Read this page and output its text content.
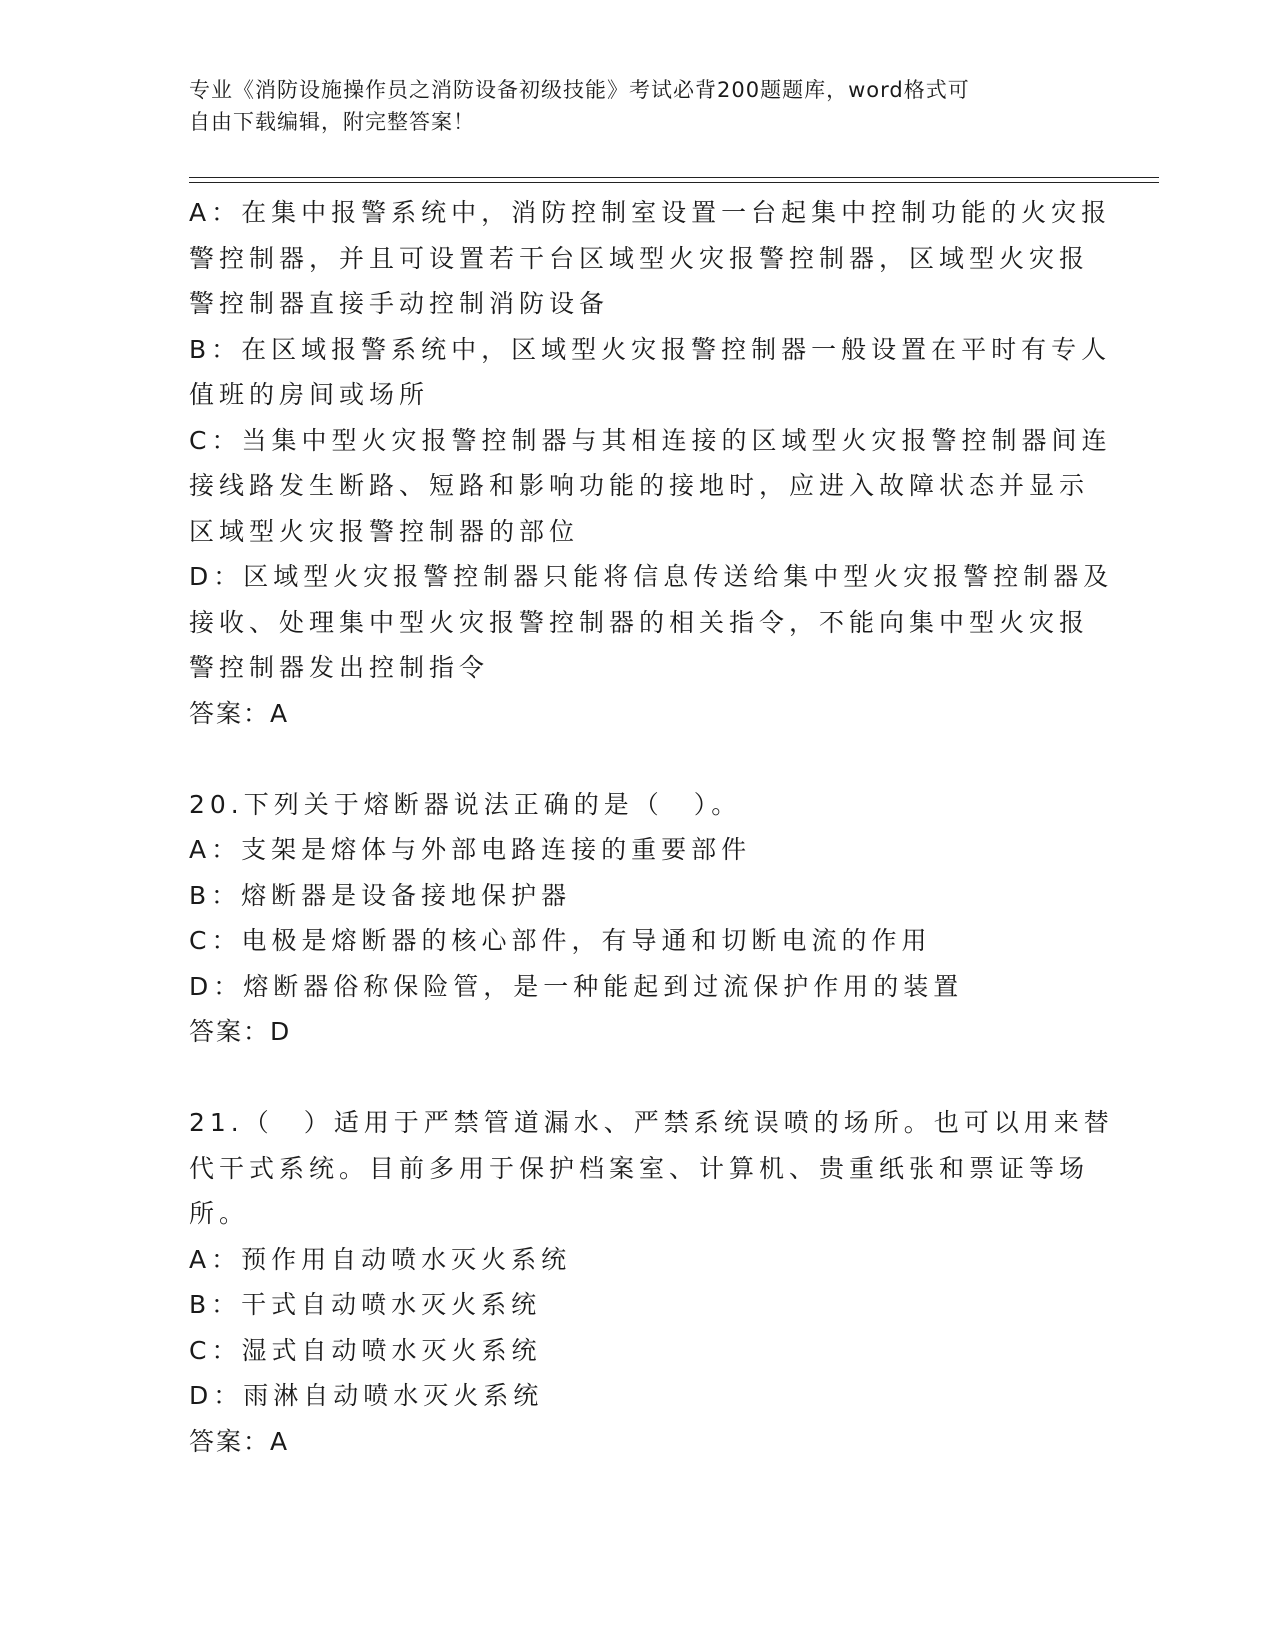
专业《消防设施操作员之消防设备初级技能》考试必背200题题库，word格式可
自由下载编辑，附完整答案！
A：在集中报警系统中，消防控制室设置一台起集中控制功能的火灾报
警控制器，并且可设置若干台区域型火灾报警控制器，区域型火灾报
警控制器直接手动控制消防设备
B：在区域报警系统中，区域型火灾报警控制器一般设置在平时有专人
值班的房间或场所
C：当集中型火灾报警控制器与其相连接的区域型火灾报警控制器间连
接线路发生断路、短路和影响功能的接地时，应进入故障状态并显示
区域型火灾报警控制器的部位
D：区域型火灾报警控制器只能将信息传送给集中型火灾报警控制器及
接收、处理集中型火灾报警控制器的相关指令，不能向集中型火灾报
警控制器发出控制指令
答案：A
20.下列关于熔断器说法正确的是（　）。
A：支架是熔体与外部电路连接的重要部件
B：熔断器是设备接地保护器
C：电极是熔断器的核心部件，有导通和切断电流的作用
D：熔断器俗称保险管，是一种能起到过流保护作用的装置
答案：D
21.（　）适用于严禁管道漏水、严禁系统误喷的场所。也可以用来替
代干式系统。目前多用于保护档案室、计算机、贵重纸张和票证等场
所。
A：预作用自动喷水灭火系统
B：干式自动喷水灭火系统
C：湿式自动喷水灭火系统
D：雨淋自动喷水灭火系统
答案：A
